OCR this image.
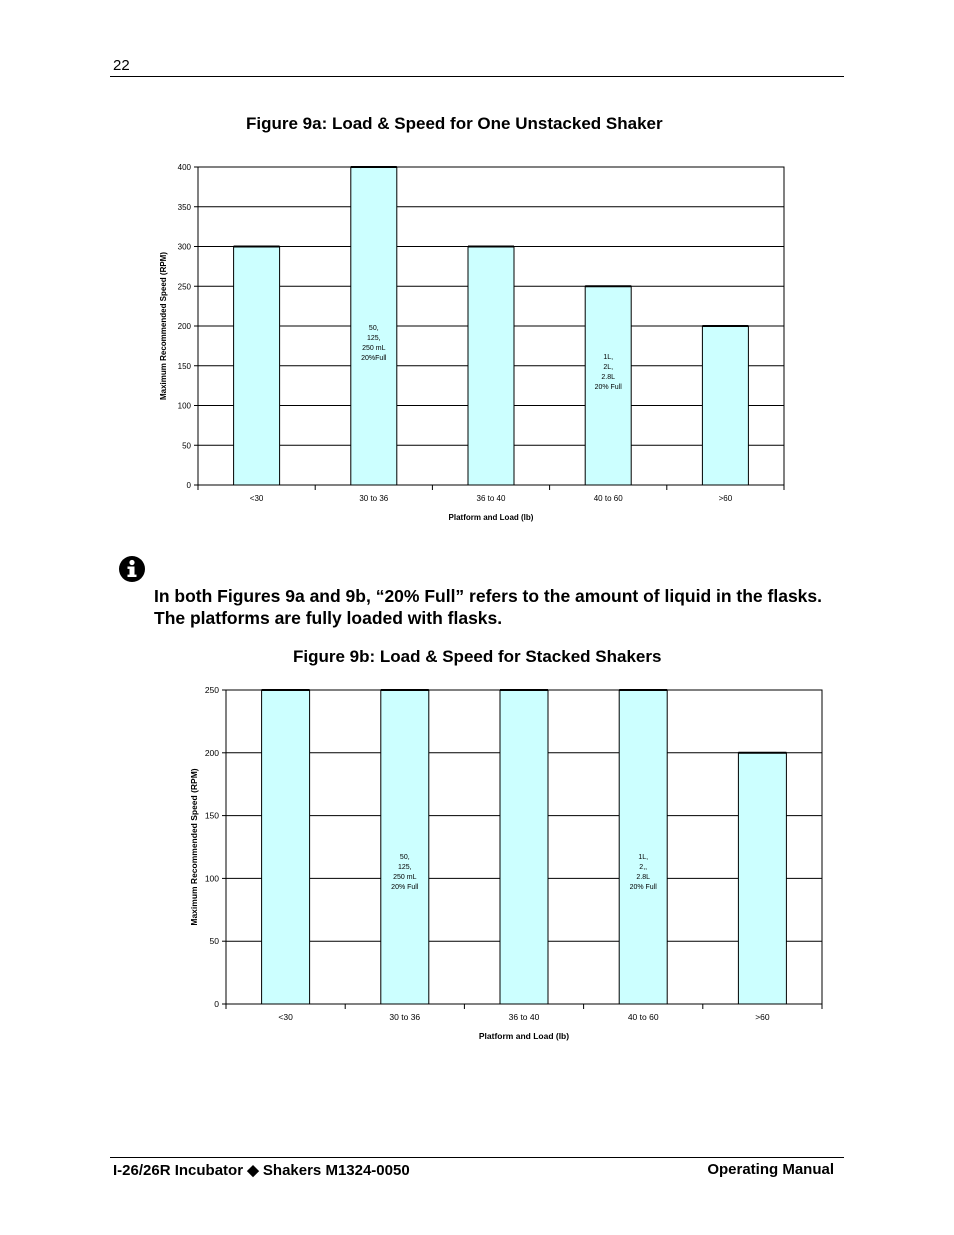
22
Figure 9a: Load & Speed for One Unstacked Shaker
0
50
100
150
200
250
300
350
400
<30	30 to 36	36 to 40	40 to 60	>60
50,
125,
250 mL
20%Full	1L,
2L,
2.8L
20% Full
Platform and Load (lb)
Maximum Recommended Speed (RPM)
In both Figures 9a and 9b, “20% Full” refers to the amount of liquid in the flasks. The platforms are fully loaded with flasks.
Figure 9b: Load & Speed for Stacked Shakers
0
50
100
150
200
250
<30	30 to 36	36 to 40	40 to 60	>60
50,
125,
250 mL
20% Full
1L,
2,,
2.8L
20% Full
Platform and Load (lb)
Maximum Recommended Speed (RPM)
I-26/26R Incubator ◆ Shakers M1324-0050	Operating Manual
